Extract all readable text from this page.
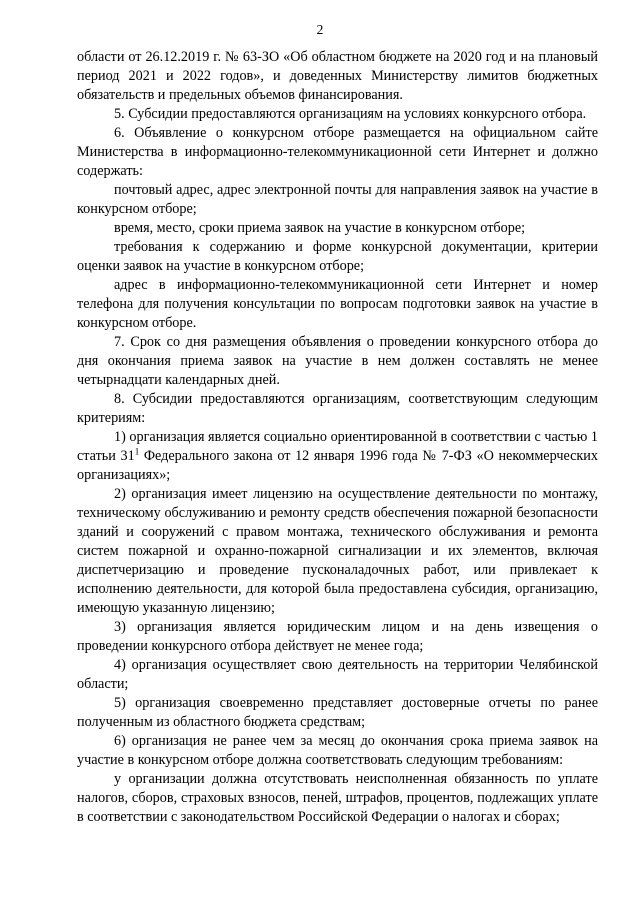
2

области от 26.12.2019 г. № 63-ЗО «Об областном бюджете на 2020 год и на плановый период 2021 и 2022 годов», и доведенных Министерству лимитов бюджетных обязательств и предельных объемов финансирования.

5. Субсидии предоставляются организациям на условиях конкурсного отбора.

6. Объявление о конкурсном отборе размещается на официальном сайте Министерства в информационно-телекоммуникационной сети Интернет и должно содержать:

почтовый адрес, адрес электронной почты для направления заявок на участие в конкурсном отборе;

время, место, сроки приема заявок на участие в конкурсном отборе;

требования к содержанию и форме конкурсной документации, критерии оценки заявок на участие в конкурсном отборе;

адрес в информационно-телекоммуникационной сети Интернет и номер телефона для получения консультации по вопросам подготовки заявок на участие в конкурсном отборе.

7. Срок со дня размещения объявления о проведении конкурсного отбора до дня окончания приема заявок на участие в нем должен составлять не менее четырнадцати календарных дней.

8. Субсидии предоставляются организациям, соответствующим следующим критериям:

1) организация является социально ориентированной в соответствии с частью 1 статьи $31^1$ Федерального закона от 12 января 1996 года № 7-ФЗ «О некоммерческих организациях»;

2) организация имеет лицензию на осуществление деятельности по монтажу, техническому обслуживанию и ремонту средств обеспечения пожарной безопасности зданий и сооружений с правом монтажа, технического обслуживания и ремонта систем пожарной и охранно-пожарной сигнализации и их элементов, включая диспетчеризацию и проведение пусконаладочных работ, или привлекает к исполнению деятельности, для которой была предоставлена субсидия, организацию, имеющую указанную лицензию;

3) организация является юридическим лицом и на день извещения о проведении конкурсного отбора действует не менее года;

4) организация осуществляет свою деятельность на территории Челябинской области;

5) организация своевременно представляет достоверные отчеты по ранее полученным из областного бюджета средствам;

6) организация не ранее чем за месяц до окончания срока приема заявок на участие в конкурсном отборе должна соответствовать следующим требованиям:

у организации должна отсутствовать неисполненная обязанность по уплате налогов, сборов, страховых взносов, пеней, штрафов, процентов, подлежащих уплате в соответствии с законодательством Российской Федерации о налогах и сборах;
